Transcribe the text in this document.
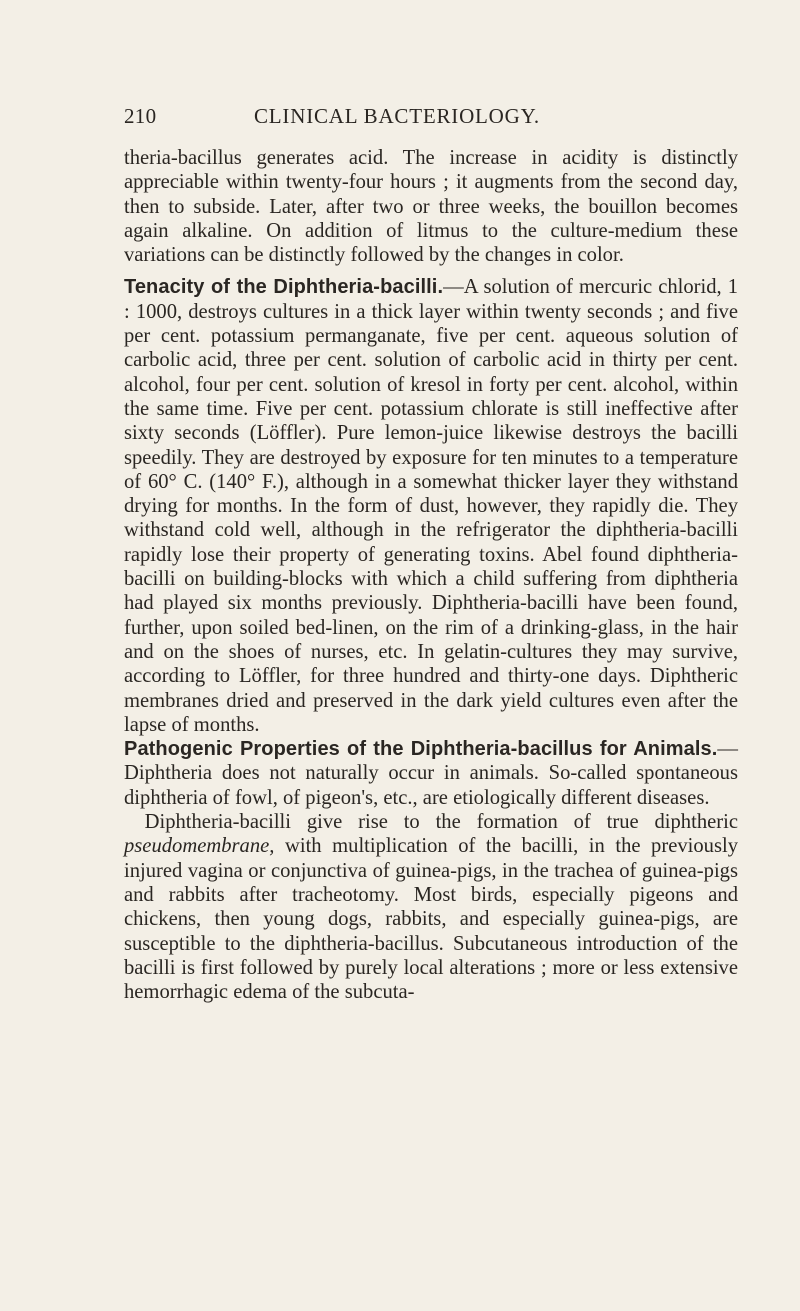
210	CLINICAL BACTERIOLOGY.

theria-bacillus generates acid. The increase in acidity is distinctly appreciable within twenty-four hours ; it augments from the second day, then to subside. Later, after two or three weeks, the bouillon becomes again alkaline. On addition of litmus to the culture-medium these variations can be distinctly followed by the changes in color.

Tenacity of the Diphtheria-bacilli.—A solution of mercuric chlorid, 1 : 1000, destroys cultures in a thick layer within twenty seconds ; and five per cent. potassium permanganate, five per cent. aqueous solution of carbolic acid, three per cent. solution of carbolic acid in thirty per cent. alcohol, four per cent. solution of kresol in forty per cent. alcohol, within the same time. Five per cent. potassium chlorate is still ineffective after sixty seconds (Löffler). Pure lemon-juice likewise destroys the bacilli speedily. They are destroyed by exposure for ten minutes to a temperature of 60° C. (140° F.), although in a somewhat thicker layer they withstand drying for months. In the form of dust, however, they rapidly die. They withstand cold well, although in the refrigerator the diphtheria-bacilli rapidly lose their property of generating toxins. Abel found diphtheria-bacilli on building-blocks with which a child suffering from diphtheria had played six months previously. Diphtheria-bacilli have been found, further, upon soiled bed-linen, on the rim of a drinking-glass, in the hair and on the shoes of nurses, etc. In gelatin-cultures they may survive, according to Löffler, for three hundred and thirty-one days. Diphtheric membranes dried and preserved in the dark yield cultures even after the lapse of months.

Pathogenic Properties of the Diphtheria-bacillus for Animals.—Diphtheria does not naturally occur in animals. So-called spontaneous diphtheria of fowl, of pigeon's, etc., are etiologically different diseases.

 Diphtheria-bacilli give rise to the formation of true diphtheric pseudomembrane, with multiplication of the bacilli, in the previously injured vagina or conjunctiva of guinea-pigs, in the trachea of guinea-pigs and rabbits after tracheotomy. Most birds, especially pigeons and chickens, then young dogs, rabbits, and especially guinea-pigs, are susceptible to the diphtheria-bacillus. Subcutaneous introduction of the bacilli is first followed by purely local alterations ; more or less extensive hemorrhagic edema of the subcuta-
